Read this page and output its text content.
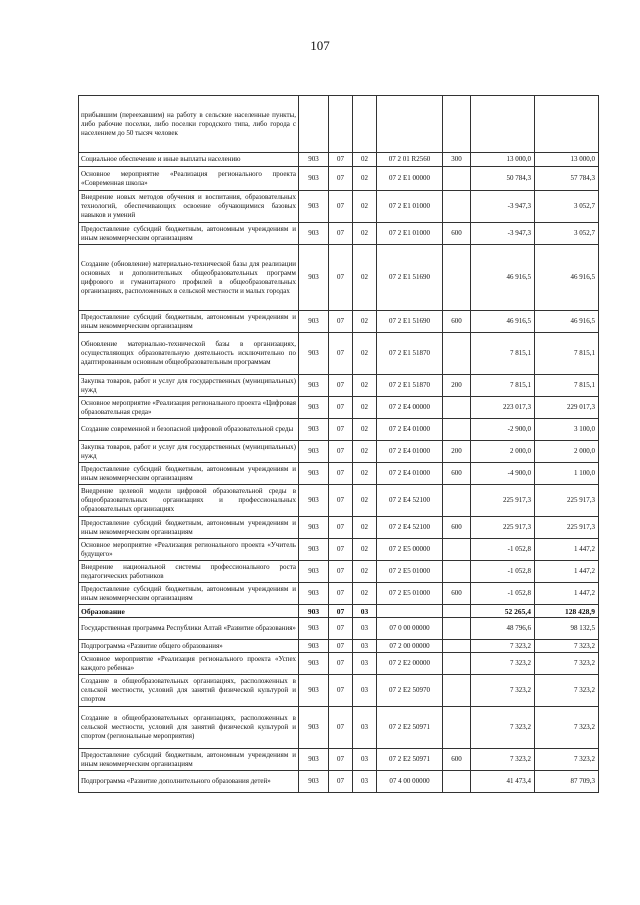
107
прибывшим (переехавшим) на работу в сельские населенные пункты, либо рабочие поселки, либо поселки городского типа, либо города с населением до 50 тысяч человек							
Социальное обеспечение и иные выплаты населению	903	07	02	07 2 01 R2560	300	13 000,0	13 000,0
Основное мероприятие «Реализация регионального проекта «Современная школа»	903	07	02	07 2 E1 00000		50 784,3	57 784,3
Внедрение новых методов обучения и воспитания, образовательных технологий, обеспечивающих освоение обучающимися базовых навыков и умений	903	07	02	07 2 E1 01000		-3 947,3	3 052,7
Предоставление субсидий бюджетным, автономным учреждениям и иным некоммерческим организациям	903	07	02	07 2 E1 01000	600	-3 947,3	3 052,7
Создание (обновление) материально-технической базы для реализации основных и дополнительных общеобразовательных программ цифрового и гуманитарного профилей в общеобразовательных организациях, расположенных в сельской местности и малых городах	903	07	02	07 2 E1 51690		46 916,5	46 916,5
Предоставление субсидий бюджетным, автономным учреждениям и иным некоммерческим организациям	903	07	02	07 2 E1 51690	600	46 916,5	46 916,5
Обновление материально-технической базы в организациях, осуществляющих образовательную деятельность исключительно по адаптированным основным общеобразовательным программам	903	07	02	07 2 E1 51870		7 815,1	7 815,1
Закупка товаров, работ и услуг для государственных (муниципальных) нужд	903	07	02	07 2 E1 51870	200	7 815,1	7 815,1
Основное мероприятие «Реализация регионального проекта «Цифровая образовательная среда»	903	07	02	07 2 E4 00000		223 017,3	229 017,3
Создание современной и безопасной цифровой образовательной среды	903	07	02	07 2 E4 01000		-2 900,0	3 100,0
Закупка товаров, работ и услуг для государственных (муниципальных) нужд	903	07	02	07 2 E4 01000	200	2 000,0	2 000,0
Предоставление субсидий бюджетным, автономным учреждениям и иным некоммерческим организациям	903	07	02	07 2 E4 01000	600	-4 900,0	1 100,0
Внедрение целевой модели цифровой образовательной среды в общеобразовательных организациях и профессиональных образовательных организациях	903	07	02	07 2 E4 52100		225 917,3	225 917,3
Предоставление субсидий бюджетным, автономным учреждениям и иным некоммерческим организациям	903	07	02	07 2 E4 52100	600	225 917,3	225 917,3
Основное мероприятие «Реализация регионального проекта «Учитель будущего»	903	07	02	07 2 E5 00000		-1 052,8	1 447,2
Внедрение национальной системы профессионального роста педагогических работников	903	07	02	07 2 E5 01000		-1 052,8	1 447,2
Предоставление субсидий бюджетным, автономным учреждениям и иным некоммерческим организациям	903	07	02	07 2 E5 01000	600	-1 052,8	1 447,2
Образование	903	07	03			52 265,4	128 428,9
Государственная программа Республики Алтай «Развитие образования»	903	07	03	07 0 00 00000		48 796,6	98 132,5
Подпрограмма «Развитие общего образования»	903	07	03	07 2 00 00000		7 323,2	7 323,2
Основное мероприятие «Реализация регионального проекта «Успех каждого ребенка»	903	07	03	07 2 E2 00000		7 323,2	7 323,2
Создание в общеобразовательных организациях, расположенных в сельской местности, условий для занятий физической культурой и спортом	903	07	03	07 2 E2 50970		7 323,2	7 323,2
Создание в общеобразовательных организациях, расположенных в сельской местности, условий для занятий физической культурой и спортом (региональные мероприятия)	903	07	03	07 2 E2 50971		7 323,2	7 323,2
Предоставление субсидий бюджетным, автономным учреждениям и иным некоммерческим организациям	903	07	03	07 2 E2 50971	600	7 323,2	7 323,2
Подпрограмма «Развитие дополнительного образования детей»	903	07	03	07 4 00 00000		41 473,4	87 709,3
